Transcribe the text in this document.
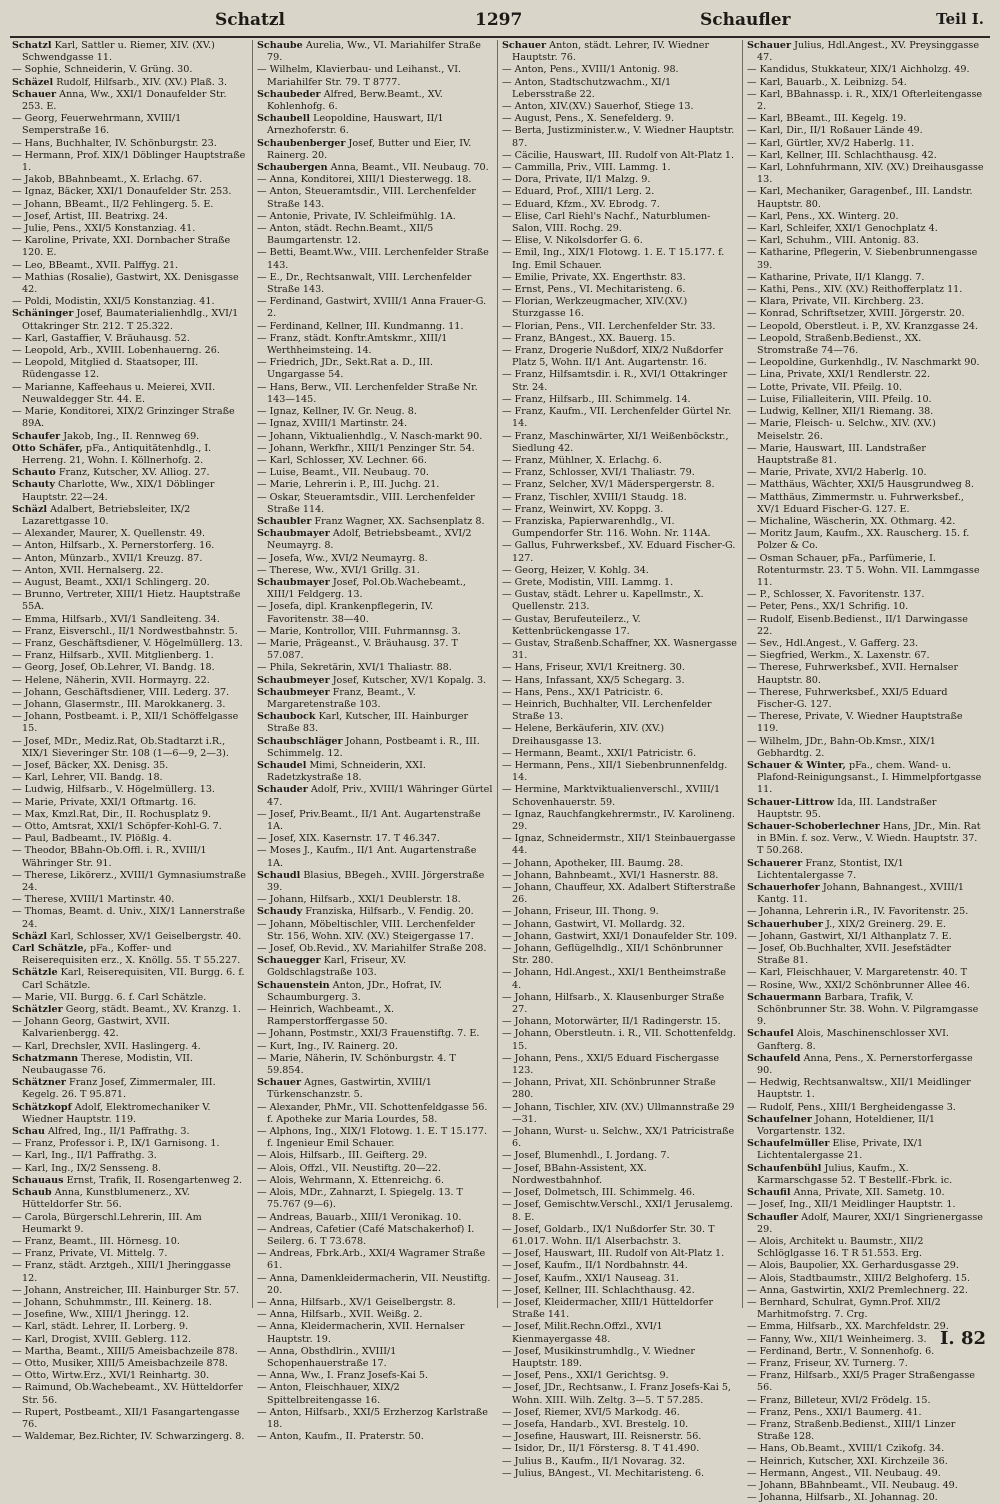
Schatzl	1297	Schaufler	Teil I.
Schatzl Karl, Sattler u. Riemer, XIV. (XV.) Schwendgasse 11.
— Sophie, Schneiderin, V. Grüng. 30.
Schäzel Rudolf, Hilfsarb., XIV. (XV.) Plaß. 3.
Schauer Anna, Ww., XXI/1 Donaufelder Str. 253. E.
— Georg, Feuerwehrmann, XVIII/1 Semperstraße 16.
— Hans, Buchhalter, IV. Schönburgstr. 23.
— Hermann, Prof. XIX/1 Döblinger Hauptstraße 1.
— Jakob, BBahnbeamt., X. Erlachg. 67.
— Ignaz, Bäcker, XXI/1 Donaufelder Str. 253.
— Johann, BBeamt., II/2 Fehlingerg. 5. E.
— Josef, Artist, III. Beatrixg. 24.
— Julie, Pens., XXI/5 Konstanziag. 41.
— Karoline, Private, XXI. Dornbacher Straße 120. E.
— Leo, BBeamt., XVII. Palffyg. 21.
— Mathias (Rosalie), Gastwirt, XX. Denisgasse 42.
— Poldi, Modistin, XXI/5 Konstanziag. 41.
Schäninger Josef, Baumaterialienhdlg., XVI/1 Ottakringer Str. 212. T 25.322.
— Karl, Gastaffier, V. Bräuhausg. 52.
— Leopold, Arb., XVIII. Lobenhauerng. 26.
— Leopold, Mitglied d. Staatsoper, III. Rüdengasse 12.
— Marianne, Kaffeehaus u. Meierei, XVII. Neuwaldegger Str. 44. E.
— Marie, Konditorei, XIX/2 Grinzinger Straße 89A.
Schaufer Jakob, Ing., II. Rennweg 69.
Otto Schäfer, pFa., Antiquitätenhdlg., I. Herreng. 21, Wohn. I. Köllnerhofg. 2.
Schauto Franz, Kutscher, XV. Alliog. 27.
Schauty Charlotte, Ww., XIX/1 Döblinger Hauptstr. 22—24.
Schäzl Adalbert, Betriebsleiter, IX/2 Lazarettgasse 10.
— Alexander, Maurer, X. Quellenstr. 49.
— Anton, Hilfsarb., X. Pernerstorferg. 16.
— Anton, Münzarb., XVII/1 Kreuzg. 87.
— Anton, XVII. Hernalserg. 22.
— August, Beamt., XXI/1 Schlingerg. 20.
— Brunno, Vertreter, XIII/1 Hietz. Hauptstraße 55A.
— Emma, Hilfsarb., XVI/1 Sandleiteng. 34.
— Franz, Eisverschl., II/1 Nordwestbahnstr. 5.
— Franz, Geschäftsdiener, V. Högelmüllerg. 13.
— Franz, Hilfsarb., XVII. Mitglienberg. 1.
— Georg, Josef, Ob.Lehrer, VI. Bandg. 18.
— Helene, Näherin, XVII. Hormayrg. 22.
— Johann, Geschäftsdiener, VIII. Lederg. 37.
— Johann, Glasermstr., III. Marokkanerg. 3.
— Johann, Postbeamt. i. P., XII/1 Schöffelgasse 15.
— Josef, MDr., Mediz.Rat, Ob.Stadtarzt i.R., XIX/1 Sieveringer Str. 108 (1—6—9, 2—3).
— Josef, Bäcker, XX. Denisg. 35.
— Karl, Lehrer, VII. Bandg. 18.
— Ludwig, Hilfsarb., V. Högelmüllerg. 13.
— Marie, Private, XXI/1 Oftmartg. 16.
— Max, Kmzl.Rat, Dir., II. Rochusplatz 9.
— Otto, Amtsrat, XXI/1 Schöpfer-Kohl-G. 7.
— Paul, Badbeamt., IV. Plößlg. 4.
— Theodor, BBahn-Ob.Offl. i. R., XVIII/1 Währinger Str. 91.
— Therese, Likörerz., XVIII/1 Gymnasiumstraße 24.
— Therese, XVIII/1 Martinstr. 40.
— Thomas, Beamt. d. Univ., XIX/1 Lannerstraße 24.
Schäzl Karl, Schlosser, XV/1 Geiselbergstr. 40.
Carl Schätzle, pFa., Koffer- und Reiserequisiten erz., X. Knöllg. 55. T 55.227.
Schätzle Karl, Reiserequisiten, VII. Burgg. 6. f. Carl Schätzle.
— Marie, VII. Burgg. 6. f. Carl Schätzle.
Schätzler Georg, städt. Beamt., XV. Kranzg. 1.
— Johann Georg, Gastwirt, XVII. Kalvarienbergg. 42.
— Karl, Drechsler, XVII. Haslingerg. 4.
Schatzmann Therese, Modistin, VII. Neubaugasse 76.
Schätzner Franz Josef, Zimmermaler, III. Kegelg. 26. T 95.871.
Schätzkopf Adolf, Elektromechaniker V. Wiedner Hauptstr. 119.
Schau Alfred, Ing., II/1 Paffrathg. 3.
— Franz, Professor i. P., IX/1 Garnisong. 1.
— Karl, Ing., II/1 Paffrathg. 3.
— Karl, Ing., IX/2 Sensseng. 8.
Schauaus Ernst, Trafik, II. Rosengartenweg 2.
Schaub Anna, Kunstblumenerz., XV. Hütteldorfer Str. 56.
— Carola, Bürgerschl.Lehrerin, III. Am Heumarkt 9.
— Franz, Beamt., III. Hörnesg. 10.
— Franz, Private, VI. Mittelg. 7.
— Franz, städt. Arztgeh., XIII/1 Jheringgasse 12.
— Johann, Anstreicher, III. Hainburger Str. 57.
— Johann, Schuhmmstr., III. Keinerg. 18.
— Josefine, Ww., XIII/1 Jheringg. 12.
— Karl, städt. Lehrer, II. Lorberg. 9.
— Karl, Drogist, XVIII. Geblerg. 112.
— Martha, Beamt., XIII/5 Ameisbachzeile 878.
— Otto, Musiker, XIII/5 Ameisbachzeile 878.
— Otto, Wirtw.Erz., XVI/1 Reinhartg. 30.
— Raimund, Ob.Wachebeamt., XV. Hütteldorfer Str. 56.
— Rupert, Postbeamt., XII/1 Fasangartengasse 76.
— Waldemar, Bez.Richter, IV. Schwarzingerg. 8.
Schaube Aurelia, Ww., VI. Mariahilfer Straße 79.
— Wilhelm, Klavierbau- und Leihanst., VI. Mariahilfer Str. 79. T 8777.
Schaubeder Alfred, Berw.Beamt., XV. Kohlenhofg. 6.
Schaubell Leopoldine, Hauswart, II/1 Arnezhoferstr. 6.
Schaubenberger Josef, Butter und Eier, IV. Rainerg. 20.
Schaubergen Anna, Beamt., VII. Neubaug. 70.
— Anna, Konditorei, XIII/1 Diesterwegg. 18.
— Anton, Steueramtsdir., VIII. Lerchenfelder Straße 143.
— Antonie, Private, IV. Schleifmühlg. 1A.
— Anton, städt. Rechn.Beamt., XII/5 Baumgartenstr. 12.
— Betti, Beamt.Ww., VIII. Lerchenfelder Straße 143.
— E., Dr., Rechtsanwalt, VIII. Lerchenfelder Straße 143.
— Ferdinand, Gastwirt, XVIII/1 Anna Frauer-G. 2.
— Ferdinand, Kellner, III. Kundmanng. 11.
— Franz, städt. Konftr.Amtskmr., XIII/1 Werthheimsteing. 14.
— Friedrich, JDr., Sekt.Rat a. D., III. Ungargasse 54.
— Hans, Berw., VII. Lerchenfelder Straße Nr. 143—145.
— Ignaz, Kellner, IV. Gr. Neug. 8.
— Ignaz, XVIII/1 Martinstr. 24.
— Johann, Viktualienhdlg., V. Nasch-markt 90.
— Johann, Werkfhr., XIII/1 Penzinger Str. 54.
— Karl, Schlosser, XV. Lechner. 66.
— Luise, Beamt., VII. Neubaug. 70.
— Marie, Lehrerin i. P., III. Juchg. 21.
— Oskar, Steueramtsdir., VIII. Lerchenfelder Straße 114.
Schaubler Franz Wagner, XX. Sachsenplatz 8.
Schaubmayer Adolf, Betriebsbeamt., XVI/2 Neumayrg. 8.
— Josefa, Ww., XVI/2 Neumayrg. 8.
— Therese, Ww., XVI/1 Grillg. 31.
Schaubmayer Josef, Pol.Ob.Wachebeamt., XIII/1 Feldgerg. 13.
— Josefa, dipl. Krankenpflegerin, IV. Favoritenstr. 38—40.
— Marie, Kontrollor, VIII. Fuhrmannsg. 3.
— Marie, Prägeanst., V. Bräuhausg. 37. T 57.087.
— Phila, Sekretärin, XVI/1 Thaliastr. 88.
Schaubmeyer Josef, Kutscher, XV/1 Kopalg. 3.
Schaubmeyer Franz, Beamt., V. Margaretenstraße 103.
Schaubock Karl, Kutscher, III. Hainburger Straße 83.
Schaubschläger Johann, Postbeamt i. R., III. Schimmelg. 12.
Schaudel Mimi, Schneiderin, XXI. Radetzkystraße 18.
Schauder Adolf, Priv., XVIII/1 Währinger Gürtel 47.
— Josef, Priv.Beamt., II/1 Ant. Augartenstraße 1A.
— Josef, XIX. Kasernstr. 17. T 46.347.
— Moses J., Kaufm., II/1 Ant. Augartenstraße 1A.
Schaudl Blasius, BBegeh., XVIII. Jörgerstraße 39.
— Johann, Hilfsarb., XXI/1 Deublerstr. 18.
Schaudy Franziska, Hilfsarb., V. Fendig. 20.
— Johann, Möbeltischler, VIII. Lerchenfelder Str. 156, Wohn. XIV. (XV.) Steigergasse 17.
— Josef, Ob.Revid., XV. Mariahilfer Straße 208.
Schauegger Karl, Friseur, XV. Goldschlagstraße 103.
Schauenstein Anton, JDr., Hofrat, IV. Schaumburgerg. 3.
— Heinrich, Wachbeamt., X. Ramperstorffergasse 50.
— Johann, Postmstr., XXI/3 Frauenstiftg. 7. E.
— Kurt, Ing., IV. Rainerg. 20.
— Marie, Näherin, IV. Schönburgstr. 4. T 59.854.
Schauer Agnes, Gastwirtin, XVIII/1 Türkenschanzstr. 5.
— Alexander, PhMr., VII. Schottenfeldgasse 56. f. Apotheke zur Maria Lourdes, 58.
— Alphons, Ing., XIX/1 Flotowg. 1. E. T 15.177. f. Ingenieur Emil Schauer.
— Alois, Hilfsarb., III. Geifterg. 29.
— Alois, Offzl., VII. Neustiftg. 20—22.
— Alois, Wehrmann, X. Ettenreichg. 6.
— Alois, MDr., Zahnarzt, I. Spiegelg. 13. T 75.767 (9—6).
— Andreas, Bauarb., XIII/1 Veronikag. 10.
— Andreas, Cafetier (Café Matschakerhof) I. Seilerg. 6. T 73.678.
— Andreas, Fbrk.Arb., XXI/4 Wagramer Straße 61.
— Anna, Damenkleidermacherin, VII. Neustiftg. 20.
— Anna, Hilfsarb., XV/1 Geiselbergstr. 8.
— Anna, Hilfsarb., XVII. Weißg. 2.
— Anna, Kleidermacherin, XVII. Hernalser Hauptstr. 19.
— Anna, Obsthdlrin., XVIII/1 Schopenhauerstraße 17.
— Anna, Ww., I. Franz Josefs-Kai 5.
— Anton, Fleischhauer, XIX/2 Spittelbreitengasse 16.
— Anton, Hilfsarb., XXI/5 Erzherzog Karlstraße 18.
— Anton, Kaufm., II. Praterstr. 50.
Schauer Anton, städt. Lehrer, IV. Wiedner Hauptstr. 76.
— Anton, Pens., XVIII/1 Antonig. 98.
— Anton, Stadtschutzwachm., XI/1 Lebersstraße 22.
— Anton, XIV.(XV.) Sauerhof, Stiege 13.
— August, Pens., X. Senefelderg. 9.
— Berta, Justizminister.w., V. Wiedner Hauptstr. 87.
— Cäcilie, Hauswart, III. Rudolf von Alt-Platz 1.
— Cammilla, Priv., VIII. Lammg. 1.
— Dora, Private, II/1 Malzg. 9.
— Eduard, Prof., XIII/1 Lerg. 2.
— Eduard, Kfzm., XV. Ebrodg. 7.
— Elise, Carl Riehl's Nachf., Naturblumen-Salon, VIII. Rochg. 29.
— Elise, V. Nikolsdorfer G. 6.
— Emil, Ing., XIX/1 Flotowg. 1. E. T 15.177. f. Ing. Emil Schauer.
— Emilie, Private, XX. Engerthstr. 83.
— Ernst, Pens., VI. Mechitaristeng. 6.
— Florian, Werkzeugmacher, XIV.(XV.) Sturzgasse 16.
— Florian, Pens., VII. Lerchenfelder Str. 33.
— Franz, BAngest., XX. Bauerg. 15.
— Franz, Drogerie Nußdorf, XIX/2 Nußdorfer Platz 5, Wohn. II/1 Ant. Augartenstr. 16.
— Franz, Hilfsamtsdir. i. R., XVI/1 Ottakringer Str. 24.
— Franz, Hilfsarb., III. Schimmelg. 14.
— Franz, Kaufm., VII. Lerchenfelder Gürtel Nr. 14.
— Franz, Maschinwärter, XI/1 Weißenböckstr., Siedlung 42.
— Franz, Mühlner, X. Erlachg. 6.
— Franz, Schlosser, XVI/1 Thaliastr. 79.
— Franz, Selcher, XV/1 Mäderspergerstr. 8.
— Franz, Tischler, XVIII/1 Staudg. 18.
— Franz, Weinwirt, XV. Koppg. 3.
— Franziska, Papierwarenhdlg., VI. Gumpendorfer Str. 116. Wohn. Nr. 114A.
— Gallus, Fuhrwerksbef., XV. Eduard Fischer-G. 127.
— Georg, Heizer, V. Kohlg. 34.
— Grete, Modistin, VIII. Lammg. 1.
— Gustav, städt. Lehrer u. Kapellmstr., X. Quellenstr. 213.
— Gustav, Berufeuteilerz., V. Kettenbrückengasse 17.
— Gustav, Straßenb.Schaffner, XX. Wasnergasse 31.
— Hans, Friseur, XVI/1 Kreitnerg. 30.
— Hans, Infassant, XX/5 Schegarg. 3.
— Hans, Pens., XX/1 Patricistr. 6.
— Heinrich, Buchhalter, VII. Lerchenfelder Straße 13.
— Helene, Berkäuferin, XIV. (XV.) Dreihausgasse 13.
— Hermann, Beamt., XXI/1 Patricistr. 6.
— Hermann, Pens., XII/1 Siebenbrunnenfeldg. 14.
— Hermine, Marktviktualienverschl., XVIII/1 Schovenhauerstr. 59.
— Ignaz, Rauchfangkehrermstr., IV. Karolineng. 29.
— Ignaz, Schneidermstr., XII/1 Steinbauergasse 44.
— Johann, Apotheker, III. Baumg. 28.
— Johann, Bahnbeamt., XVI/1 Hasnerstr. 88.
— Johann, Chauffeur, XX. Adalbert Stifterstraße 26.
— Johann, Friseur, III. Thong. 9.
— Johann, Gastwirt, VI. Mollardg. 32.
— Johann, Gastwirt, XXI/1 Donaufelder Str. 109.
— Johann, Geflügelhdlg., XII/1 Schönbrunner Str. 280.
— Johann, Hdl.Angest., XXI/1 Bentheimstraße 4.
— Johann, Hilfsarb., X. Klausenburger Straße 27.
— Johann, Motorwärter, II/1 Radingerstr. 15.
— Johann, Oberstleutn. i. R., VII. Schottenfeldg. 15.
— Johann, Pens., XXI/5 Eduard Fischergasse 123.
— Johann, Privat, XII. Schönbrunner Straße 280.
— Johann, Tischler, XIV. (XV.) Ullmannstraße 29—31.
— Johann, Wurst- u. Selchw., XX/1 Patricistraße 6.
— Josef, Blumenhdl., I. Jordang. 7.
— Josef, BBahn-Assistent, XX. Nordwestbahnhof.
— Josef, Dolmetsch, III. Schimmelg. 46.
— Josef, Gemischtw.Verschl., XXI/1 Jerusalemg. 8. E.
— Josef, Goldarb., IX/1 Nußdorfer Str. 30. T 61.017. Wohn. II/1 Alserbachstr. 3.
— Josef, Hauswart, III. Rudolf von Alt-Platz 1.
— Josef, Kaufm., II/1 Nordbahnstr. 44.
— Josef, Kaufm., XXI/1 Nauseag. 31.
— Josef, Kellner, III. Schlachthausg. 42.
— Josef, Kleidermacher, XIII/1 Hütteldorfer Straße 141.
— Josef, Milit.Rechn.Offzl., XVI/1 Kienmayergasse 48.
— Josef, Musikinstrumhdlg., V. Wiedner Hauptstr. 189.
— Josef, Pens., XXI/1 Gerichtsg. 9.
— Josef, JDr., Rechtsanw., I. Franz Josefs-Kai 5, Wohn. XIII. Wilh. Zeltg. 3—5. T 57.285.
— Josef, Riemer, XVI/5 Markodg. 46.
— Josefa, Handarb., XVI. Brestelg. 10.
— Josefine, Hauswart, III. Reisnerstr. 56.
— Isidor, Dr., II/1 Förstersg. 8. T 41.490.
— Julius B., Kaufm., II/1 Novarag. 32.
— Julius, BAngest., VI. Mechitaristeng. 6.
Schauer Julius, Hdl.Angest., XV. Preysinggasse 47.
— Kandidus, Stukkateur, XIX/1 Aichholzg. 49.
— Karl, Bauarb., X. Leibnizg. 54.
— Karl, BBahnassp. i. R., XIX/1 Ofterleitengasse 2.
— Karl, BBeamt., III. Kegelg. 19.
— Karl, Dir., II/1 Roßauer Lände 49.
— Karl, Gürtler, XV/2 Haberlg. 11.
— Karl, Kellner, III. Schlachthausg. 42.
— Karl, Lohnfuhrmann, XIV. (XV.) Dreihausgasse 13.
— Karl, Mechaniker, Garagenbef., III. Landstr. Hauptstr. 80.
— Karl, Pens., XX. Winterg. 20.
— Karl, Schleifer, XXI/1 Genochplatz 4.
— Karl, Schuhm., VIII. Antonig. 83.
— Katharine, Pflegerin, V. Siebenbrunnengasse 39.
— Katharine, Private, II/1 Klangg. 7.
— Kathi, Pens., XIV. (XV.) Reithofferplatz 11.
— Klara, Private, VII. Kirchberg. 23.
— Konrad, Schriftsetzer, XVIII. Jörgerstr. 20.
— Leopold, Oberstleut. i. P., XV. Kranzgasse 24.
— Leopold, Straßenb.Bedienst., XX. Stromstraße 74—76.
— Leopoldine, Gurkenhdlg., IV. Naschmarkt 90.
— Lina, Private, XXI/1 Rendlerstr. 22.
— Lotte, Private, VII. Pfeilg. 10.
— Luise, Filialleiterin, VIII. Pfeilg. 10.
— Ludwig, Kellner, XII/1 Riemang. 38.
— Marie, Fleisch- u. Selchw., XIV. (XV.) Meiselstr. 26.
— Marie, Hauswart, III. Landstraßer Hauptstraße 81.
— Marie, Private, XVI/2 Haberlg. 10.
— Matthäus, Wächter, XXI/5 Hausgrundweg 8.
— Matthäus, Zimmermstr. u. Fuhrwerksbef., XV/1 Eduard Fischer-G. 127. E.
— Michaline, Wäscherin, XX. Othmarg. 42.
— Moritz Jaum, Kaufm., XX. Rauscherg. 15. f. Polzer & Co.
— Osman Schauer, pFa., Parfümerie, I. Rotenturmstr. 23. T 5. Wohn. VII. Lammgasse 11.
— P., Schlosser, X. Favoritenstr. 137.
— Peter, Pens., XX/1 Schrifig. 10.
— Rudolf, Eisenb.Bedienst., II/1 Darwingasse 22.
— Sev., Hdl.Angest., V. Gafferg. 23.
— Siegfried, Werkm., X. Laxenstr. 67.
— Therese, Fuhrwerksbef., XVII. Hernalser Hauptstr. 80.
— Therese, Fuhrwerksbef., XXI/5 Eduard Fischer-G. 127.
— Therese, Private, V. Wiedner Hauptstraße 119.
— Wilhelm, JDr., Bahn-Ob.Kmsr., XIX/1 Gebhardtg. 2.
Schauer & Winter, pFa., chem. Wand- u. Plafond-Reinigungsanst., I. Himmelpfortgasse 11.
Schauer-Littrow Ida, III. Landstraßer Hauptstr. 95.
Schauer-Schoberlechner Hans, JDr., Min. Rat in BMin. f. soz. Verw., V. Wiedn. Hauptstr. 37. T 50.268.
Schauerer Franz, Stontist, IX/1 Lichtentalergasse 7.
Schauerhofer Johann, Bahnangest., XVIII/1 Kantg. 11.
— Johanna, Lehrerin i.R., IV. Favoritenstr. 25.
Schauerhuber J., XIX/2 Greinerg. 29. E.
— Johann, Gastwirt, XI/1 Althanplatz 7. E.
— Josef, Ob.Buchhalter, XVII. Jesefstädter Straße 81.
— Karl, Fleischhauer, V. Margaretenstr. 40. T
— Rosine, Ww., XXI/2 Schönbrunner Allee 46.
Schauermann Barbara, Trafik, V. Schönbrunner Str. 38. Wohn. V. Pilgramgasse 9.
Schaufel Alois, Maschinenschlosser XVI. Ganfterg. 8.
Schaufeld Anna, Pens., X. Pernerstorfergasse 90.
— Hedwig, Rechtsanwaltsw., XII/1 Meidlinger Hauptstr. 1.
— Rudolf, Pens., XIII/1 Bergheidengasse 3.
Schaufelner Johann, Hoteldiener, II/1 Vorgartenstr. 132.
Schaufelmüller Elise, Private, IX/1 Lichtentalergasse 21.
Schaufenbühl Julius, Kaufm., X. Karmarschgasse 52. T Bestellf.-Fbrk. ic.
Schaufil Anna, Private, XII. Sametg. 10.
— Josef, Ing., XII/1 Meidlinger Hauptstr. 1.
Schaufler Adolf, Maurer, XXI/1 Singrienergasse 29.
— Alois, Architekt u. Baumstr., XII/2 Schlöglgasse 16. T R 51.553. Erg.
— Alois, Baupolier, XX. Gerhardusgasse 29.
— Alois, Stadtbaumstr., XIII/2 Belghoferg. 15.
— Anna, Gastwirtin, XXI/2 Premlechnerg. 22.
— Bernhard, Schulrat, Gymn.Prof. XII/2 Marhitmofstrg. 7. Crg.
— Emma, Hilfsarb., XX. Marchfeldstr. 29.
— Fanny, Ww., XII/1 Weinheimerg. 3.
— Ferdinand, Bertr., V. Sonnenhofg. 6.
— Franz, Friseur, XV. Turnerg. 7.
— Franz, Hilfsarb., XXI/5 Prager Straßengasse 56.
— Franz, Billeteur, XVI/2 Frödelg. 15.
— Franz, Pens., XXI/1 Baumerg. 41.
— Franz, Straßenb.Bedienst., XIII/1 Linzer Straße 128.
— Hans, Ob.Beamt., XVIII/1 Czikofg. 34.
— Heinrich, Kutscher, XXI. Kirchzeile 36.
— Hermann, Angest., VII. Neubaug. 49.
— Johann, BBahnbeamt., VII. Neubaug. 49.
— Johanna, Hilfsarb., XI. Johannag. 20.
I. 82
